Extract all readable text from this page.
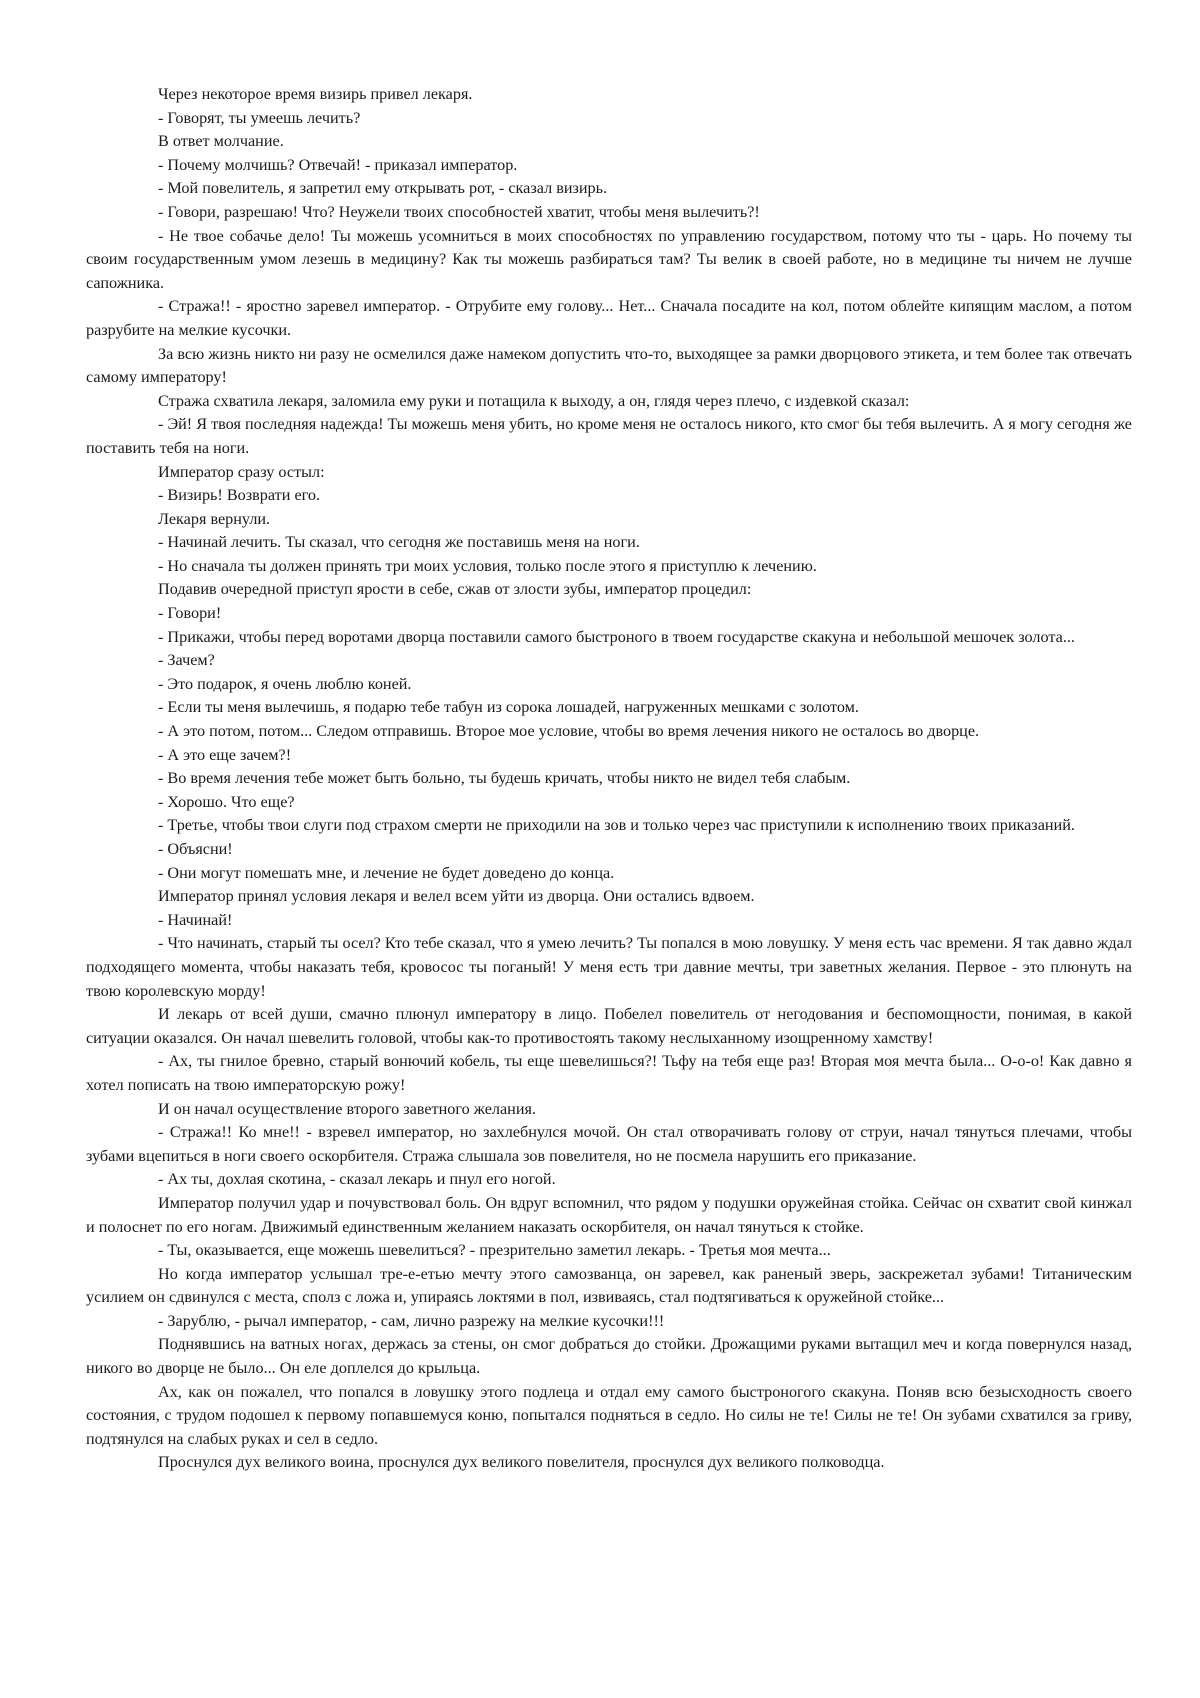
Через некоторое время визирь привел лекаря.

- Говорят, ты умеешь лечить?

В ответ молчание.

- Почему молчишь? Отвечай! - приказал император.

- Мой повелитель, я запретил ему открывать рот, - сказал визирь.

- Говори, разрешаю! Что? Неужели твоих способностей хватит, чтобы меня вылечить?!

- Не твое собачье дело! Ты можешь усомниться в моих способностях по управлению государством, потому что ты - царь. Но почему ты своим государственным умом лезешь в медицину? Как ты можешь разбираться там? Ты велик в своей работе, но в медицине ты ничем не лучше сапожника.

- Стража!! - яростно заревел император. - Отрубите ему голову... Нет... Сначала посадите на кол, потом облейте кипящим маслом, а потом разрубите на мелкие кусочки.

За всю жизнь никто ни разу не осмелился даже намеком допустить что-то, выходящее за рамки дворцового этикета, и тем более так отвечать самому императору!

Стража схватила лекаря, заломила ему руки и потащила к выходу, а он, глядя через плечо, с издевкой сказал:

- Эй! Я твоя последняя надежда! Ты можешь меня убить, но кроме меня не осталось никого, кто смог бы тебя вылечить. А я могу сегодня же поставить тебя на ноги.

Император сразу остыл:

- Визирь! Возврати его.

Лекаря вернули.

- Начинай лечить. Ты сказал, что сегодня же поставишь меня на ноги.

- Но сначала ты должен принять три моих условия, только после этого я приступлю к лечению.

Подавив очередной приступ ярости в себе, сжав от злости зубы, император процедил:

- Говори!

- Прикажи, чтобы перед воротами дворца поставили самого быстроного в твоем государстве скакуна и небольшой мешочек золота...

- Зачем?

- Это подарок, я очень люблю коней.

- Если ты меня вылечишь, я подарю тебе табун из сорока лошадей, нагруженных мешками с золотом.

- А это потом, потом... Следом отправишь. Второе мое условие, чтобы во время лечения никого не осталось во дворце.

- А это еще зачем?!

- Во время лечения тебе может быть больно, ты будешь кричать, чтобы никто не видел тебя слабым.

- Хорошо. Что еще?

- Третье, чтобы твои слуги под страхом смерти не приходили на зов и только через час приступили к исполнению твоих приказаний.

- Объясни!

- Они могут помешать мне, и лечение не будет доведено до конца.

Император принял условия лекаря и велел всем уйти из дворца. Они остались вдвоем.

- Начинай!

- Что начинать, старый ты осел? Кто тебе сказал, что я умею лечить? Ты попался в мою ловушку. У меня есть час времени. Я так давно ждал подходящего момента, чтобы наказать тебя, кровосос ты поганый! У меня есть три давние мечты, три заветных желания. Первое - это плюнуть на твою королевскую морду!

И лекарь от всей души, смачно плюнул императору в лицо. Побелел повелитель от негодования и беспомощности, понимая, в какой ситуации оказался. Он начал шевелить головой, чтобы как-то противостоять такому неслыханному изощренному хамству!

- Ах, ты гнилое бревно, старый вонючий кобель, ты еще шевелишься?! Тьфу на тебя еще раз! Вторая моя мечта была... О-о-о! Как давно я хотел пописать на твою императорскую рожу!

И он начал осуществление второго заветного желания.

- Стража!! Ко мне!! - взревел император, но захлебнулся мочой. Он стал отворачивать голову от струи, начал тянуться плечами, чтобы зубами вцепиться в ноги своего оскорбителя. Стража слышала зов повелителя, но не посмела нарушить его приказание.

- Ах ты, дохлая скотина, - сказал лекарь и пнул его ногой.

Император получил удар и почувствовал боль. Он вдруг вспомнил, что рядом у подушки оружейная стойка. Сейчас он схватит свой кинжал и полоснет по его ногам. Движимый единственным желанием наказать оскорбителя, он начал тянуться к стойке.

- Ты, оказывается, еще можешь шевелиться? - презрительно заметил лекарь. - Третья моя мечта...

Но когда император услышал тре-е-етью мечту этого самозванца, он заревел, как раненый зверь, заскрежетал зубами! Титаническим усилием он сдвинулся с места, сполз с ложа и, упираясь локтями в пол, извиваясь, стал подтягиваться к оружейной стойке...

- Зарублю, - рычал император, - сам, лично разрежу на мелкие кусочки!!!

Поднявшись на ватных ногах, держась за стены, он смог добраться до стойки. Дрожащими руками вытащил меч и когда повернулся назад, никого во дворце не было... Он еле доплелся до крыльца.

Ах, как он пожалел, что попался в ловушку этого подлеца и отдал ему самого быстроногого скакуна. Поняв всю безысходность своего состояния, с трудом подошел к первому попавшемуся коню, попытался подняться в седло. Но силы не те! Силы не те! Он зубами схватился за гриву, подтянулся на слабых руках и сел в седло.

Проснулся дух великого воина, проснулся дух великого повелителя, проснулся дух великого полководца.
